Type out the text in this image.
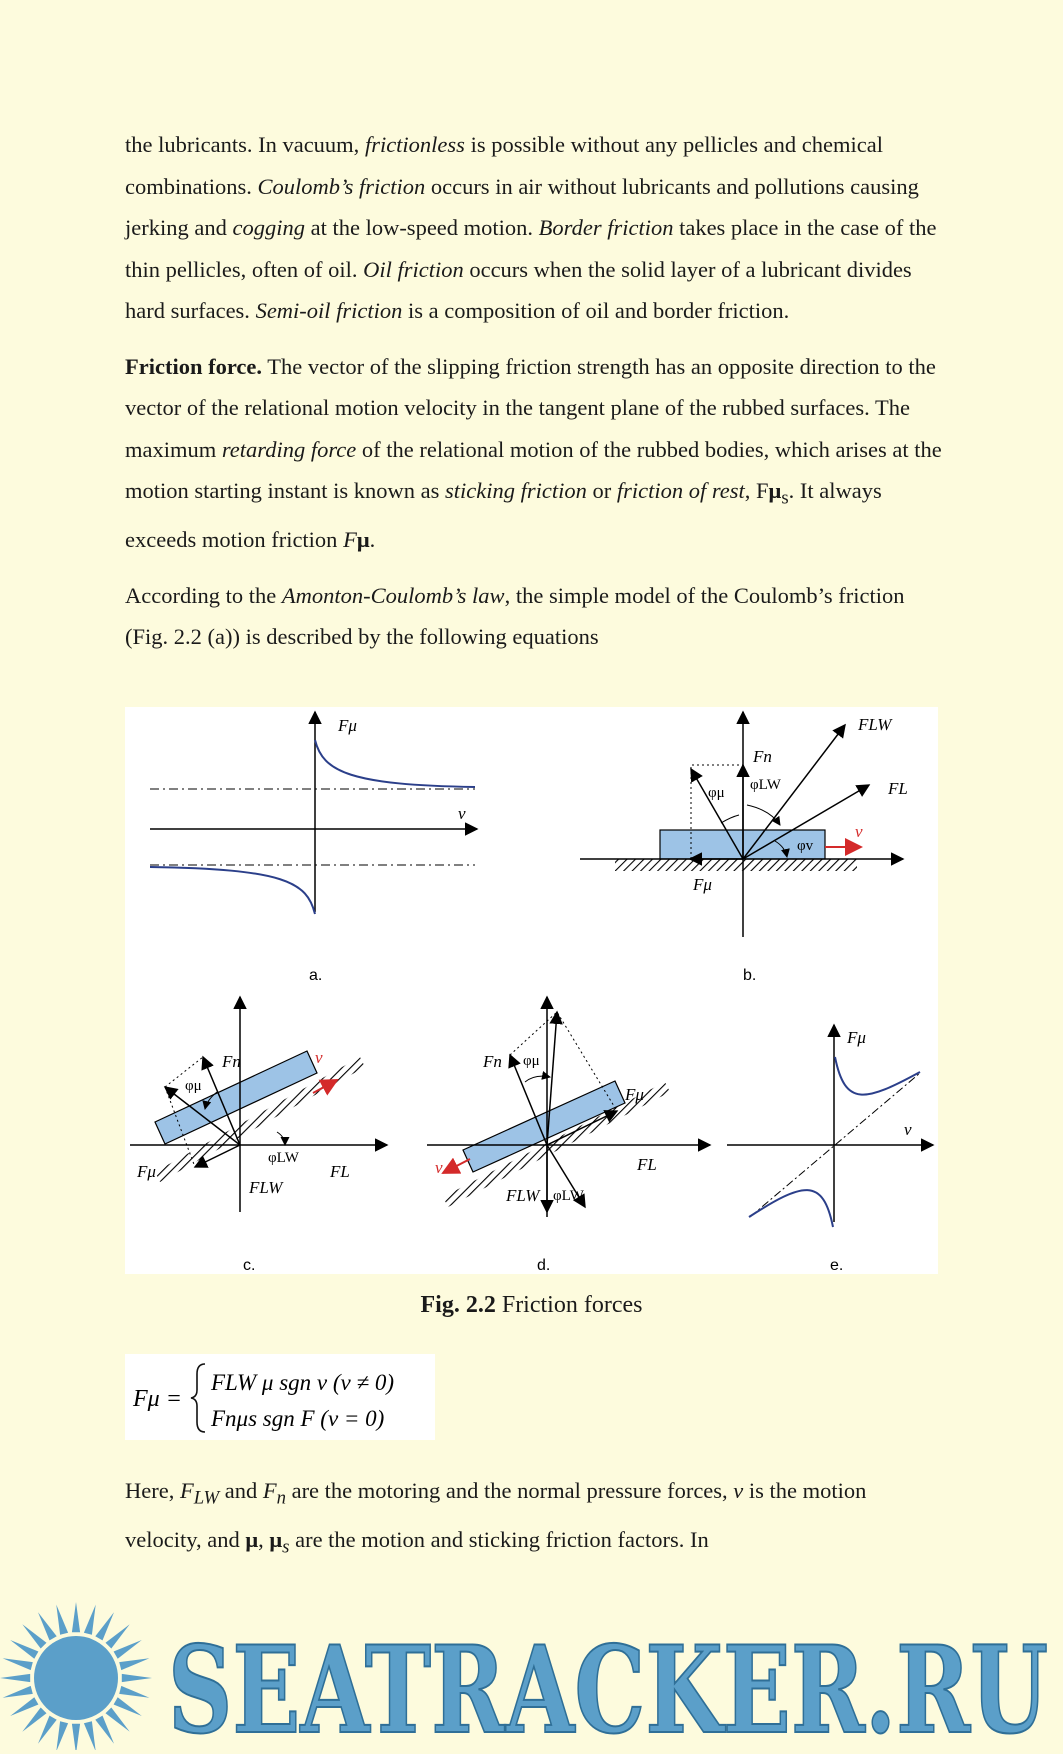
the lubricants. In vacuum, frictionless is possible without any pellicles and chemical combinations. Coulomb’s friction occurs in air without lubricants and pollutions causing jerking and cogging at the low-speed motion. Border friction takes place in the case of the thin pellicles, often of oil. Oil friction occurs when the solid layer of a lubricant divides hard surfaces. Semi-oil friction is a composition of oil and border friction.

Friction force. The vector of the slipping friction strength has an opposite direction to the vector of the relational motion velocity in the tangent plane of the rubbed surfaces. The maximum retarding force of the relational motion of the rubbed bodies, which arises at the motion starting instant is known as sticking friction or friction of rest, $F\mu_s$. It always exceeds motion friction Fμ.

According to the Amonton-Coulomb’s law, the simple model of the Coulomb’s friction (Fig. 2.2 (a)) is described by the following equations

Fμ
v
a.
FLW
FL
Fn
φμ φLW
φv
v
Fμ
b.
φμ
Fn	v
φLW
FL
FLW
Fμ
c.
Fn φμ
Fμ
FL
FLW φLW
v
d.
Fμ
v
e.
Fig. 2.2 Friction forces
Fμ =
FLW μ sgn v (v ≠ 0)
Fnμs sgn F (v = 0)

Here, $F_{LW}$ and $F_n$ are the motoring and the normal pressure forces, v is the motion velocity, and μ, $\mu_s$ are the motion and sticking friction factors. In

SEATRACKER.RU
